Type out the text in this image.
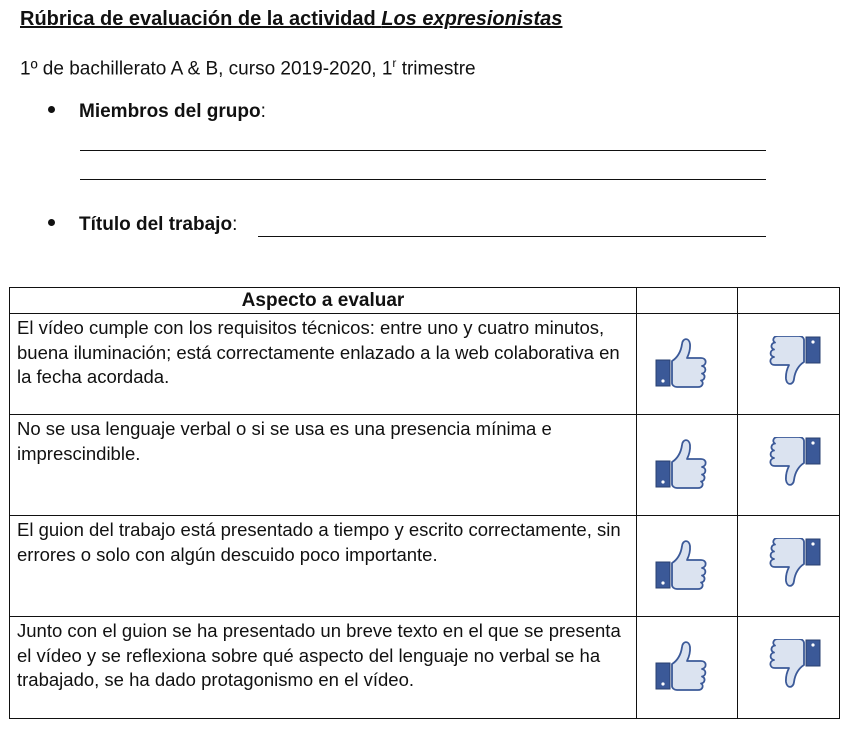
Rúbrica de evaluación de la actividad Los expresionistas
1º de bachillerato A & B, curso 2019-2020, 1$^r$ trimestre
Miembros del grupo:
Título del trabajo:
Aspecto a evaluar		
El vídeo cumple con los requisitos técnicos: entre uno y cuatro minutos, buena iluminación; está correctamente enlazado a la web colaborativa en la fecha acordada.		
No se usa lenguaje verbal o si se usa es una presencia mínima e imprescindible.		
El guion del trabajo está presentado a tiempo y escrito correctamente, sin errores o solo con algún descuido poco importante.		
Junto con el guion se ha presentado un breve texto en el que se presenta el vídeo y se reflexiona sobre qué aspecto del lenguaje no verbal se ha trabajado, se ha dado protagonismo en el vídeo.		
